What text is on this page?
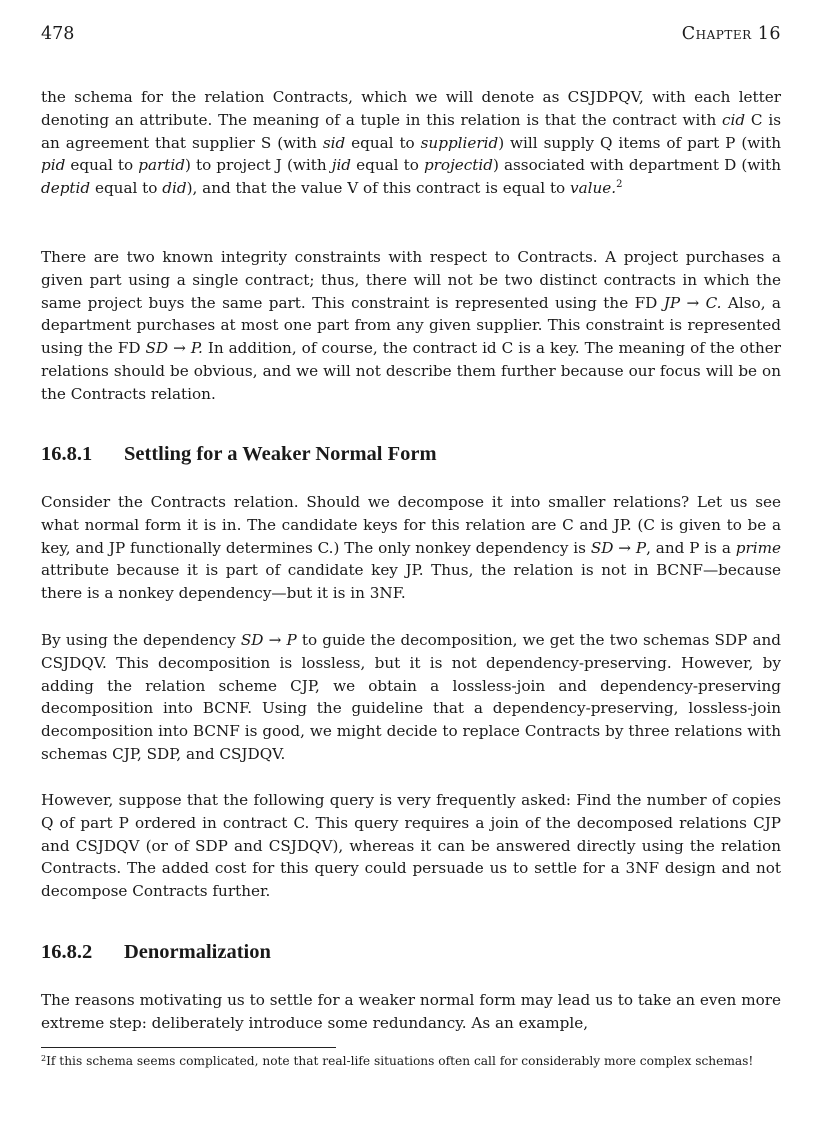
478	Chapter 16

the schema for the relation Contracts, which we will denote as CSJDPQV, with each letter denoting an attribute. The meaning of a tuple in this relation is that the contract with cid C is an agreement that supplier S (with sid equal to supplierid) will supply Q items of part P (with pid equal to partid) to project J (with jid equal to projectid) associated with department D (with deptid equal to did), and that the value V of this contract is equal to value.$^2$

There are two known integrity constraints with respect to Contracts. A project purchases a given part using a single contract; thus, there will not be two distinct contracts in which the same project buys the same part. This constraint is represented using the FD JP → C. Also, a department purchases at most one part from any given supplier. This constraint is represented using the FD SD → P. In addition, of course, the contract id C is a key. The meaning of the other relations should be obvious, and we will not describe them further because our focus will be on the Contracts relation.

16.8.1 Settling for a Weaker Normal Form

Consider the Contracts relation. Should we decompose it into smaller relations? Let us see what normal form it is in. The candidate keys for this relation are C and JP. (C is given to be a key, and JP functionally determines C.) The only nonkey dependency is SD → P, and P is a prime attribute because it is part of candidate key JP. Thus, the relation is not in BCNF—because there is a nonkey dependency—but it is in 3NF.

By using the dependency SD → P to guide the decomposition, we get the two schemas SDP and CSJDQV. This decomposition is lossless, but it is not dependency-preserving. However, by adding the relation scheme CJP, we obtain a lossless-join and dependency-preserving decomposition into BCNF. Using the guideline that a dependency-preserving, lossless-join decomposition into BCNF is good, we might decide to replace Contracts by three relations with schemas CJP, SDP, and CSJDQV.

However, suppose that the following query is very frequently asked: Find the number of copies Q of part P ordered in contract C. This query requires a join of the decomposed relations CJP and CSJDQV (or of SDP and CSJDQV), whereas it can be answered directly using the relation Contracts. The added cost for this query could persuade us to settle for a 3NF design and not decompose Contracts further.

16.8.2 Denormalization

The reasons motivating us to settle for a weaker normal form may lead us to take an even more extreme step: deliberately introduce some redundancy. As an example,

$^2$If this schema seems complicated, note that real-life situations often call for considerably more complex schemas!
